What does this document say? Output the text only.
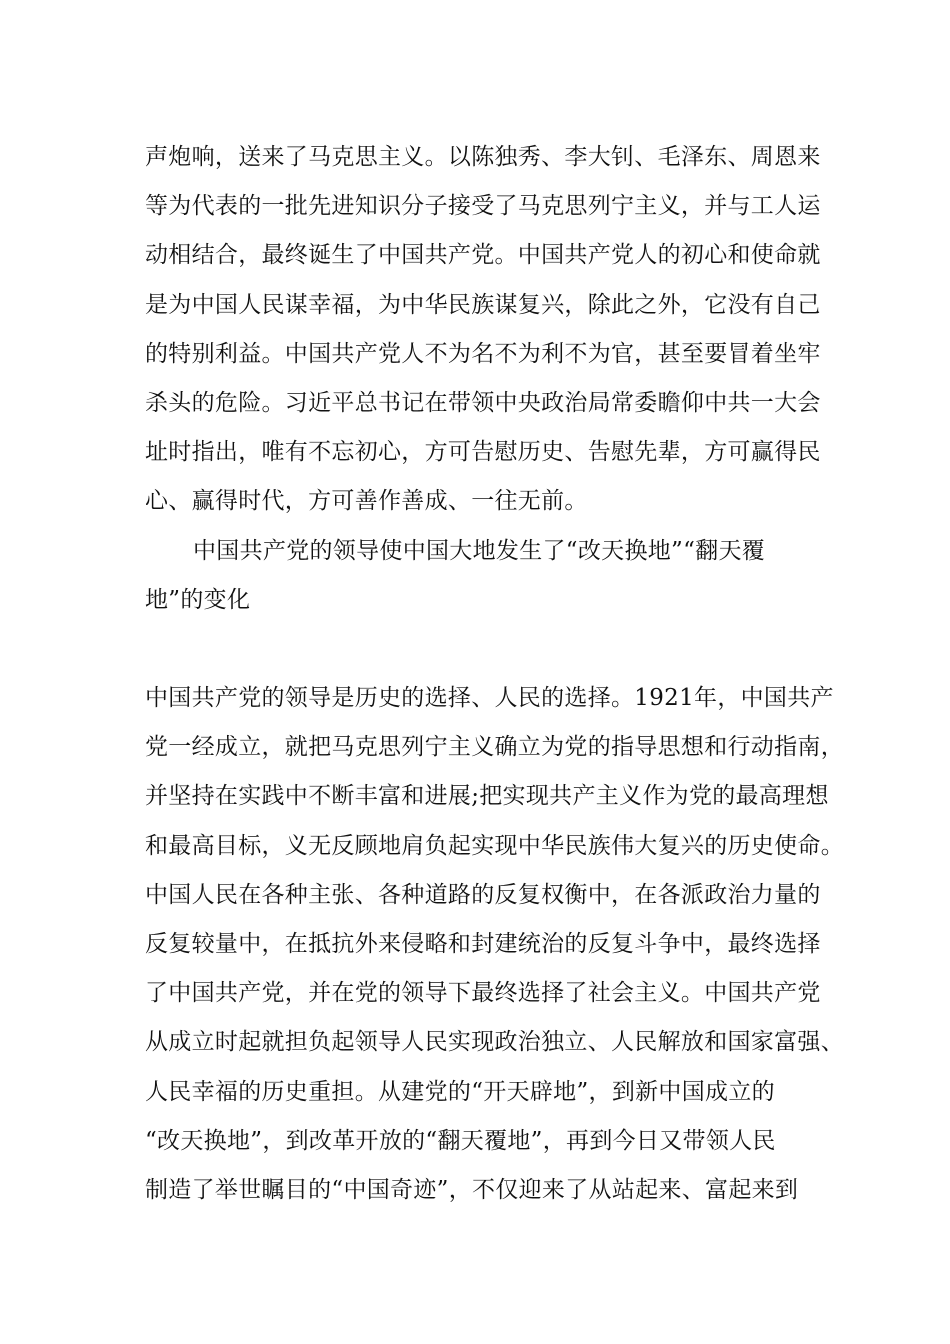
声炮响，送来了马克思主义。以陈独秀、李大钊、毛泽东、周恩来
等为代表的一批先进知识分子接受了马克思列宁主义，并与工人运
动相结合，最终诞生了中国共产党。中国共产党人的初心和使命就
是为中国人民谋幸福，为中华民族谋复兴，除此之外，它没有自己
的特别利益。中国共产党人不为名不为利不为官，甚至要冒着坐牢
杀头的危险。习近平总书记在带领中央政治局常委瞻仰中共一大会
址时指出，唯有不忘初心，方可告慰历史、告慰先辈，方可赢得民
心、赢得时代，方可善作善成、一往无前。
中国共产党的领导使中国大地发生了“改天换地”“翻天覆
地”的变化
中国共产党的领导是历史的选择、人民的选择。1921年，中国共产
党一经成立，就把马克思列宁主义确立为党的指导思想和行动指南，
并坚持在实践中不断丰富和进展;把实现共产主义作为党的最高理想
和最高目标，义无反顾地肩负起实现中华民族伟大复兴的历史使命。
中国人民在各种主张、各种道路的反复权衡中，在各派政治力量的
反复较量中，在抵抗外来侵略和封建统治的反复斗争中，最终选择
了中国共产党，并在党的领导下最终选择了社会主义。中国共产党
从成立时起就担负起领导人民实现政治独立、人民解放和国家富强、
人民幸福的历史重担。从建党的“开天辟地”，到新中国成立的
“改天换地”，到改革开放的“翻天覆地”，再到今日又带领人民
制造了举世瞩目的“中国奇迹”，不仅迎来了从站起来、富起来到
